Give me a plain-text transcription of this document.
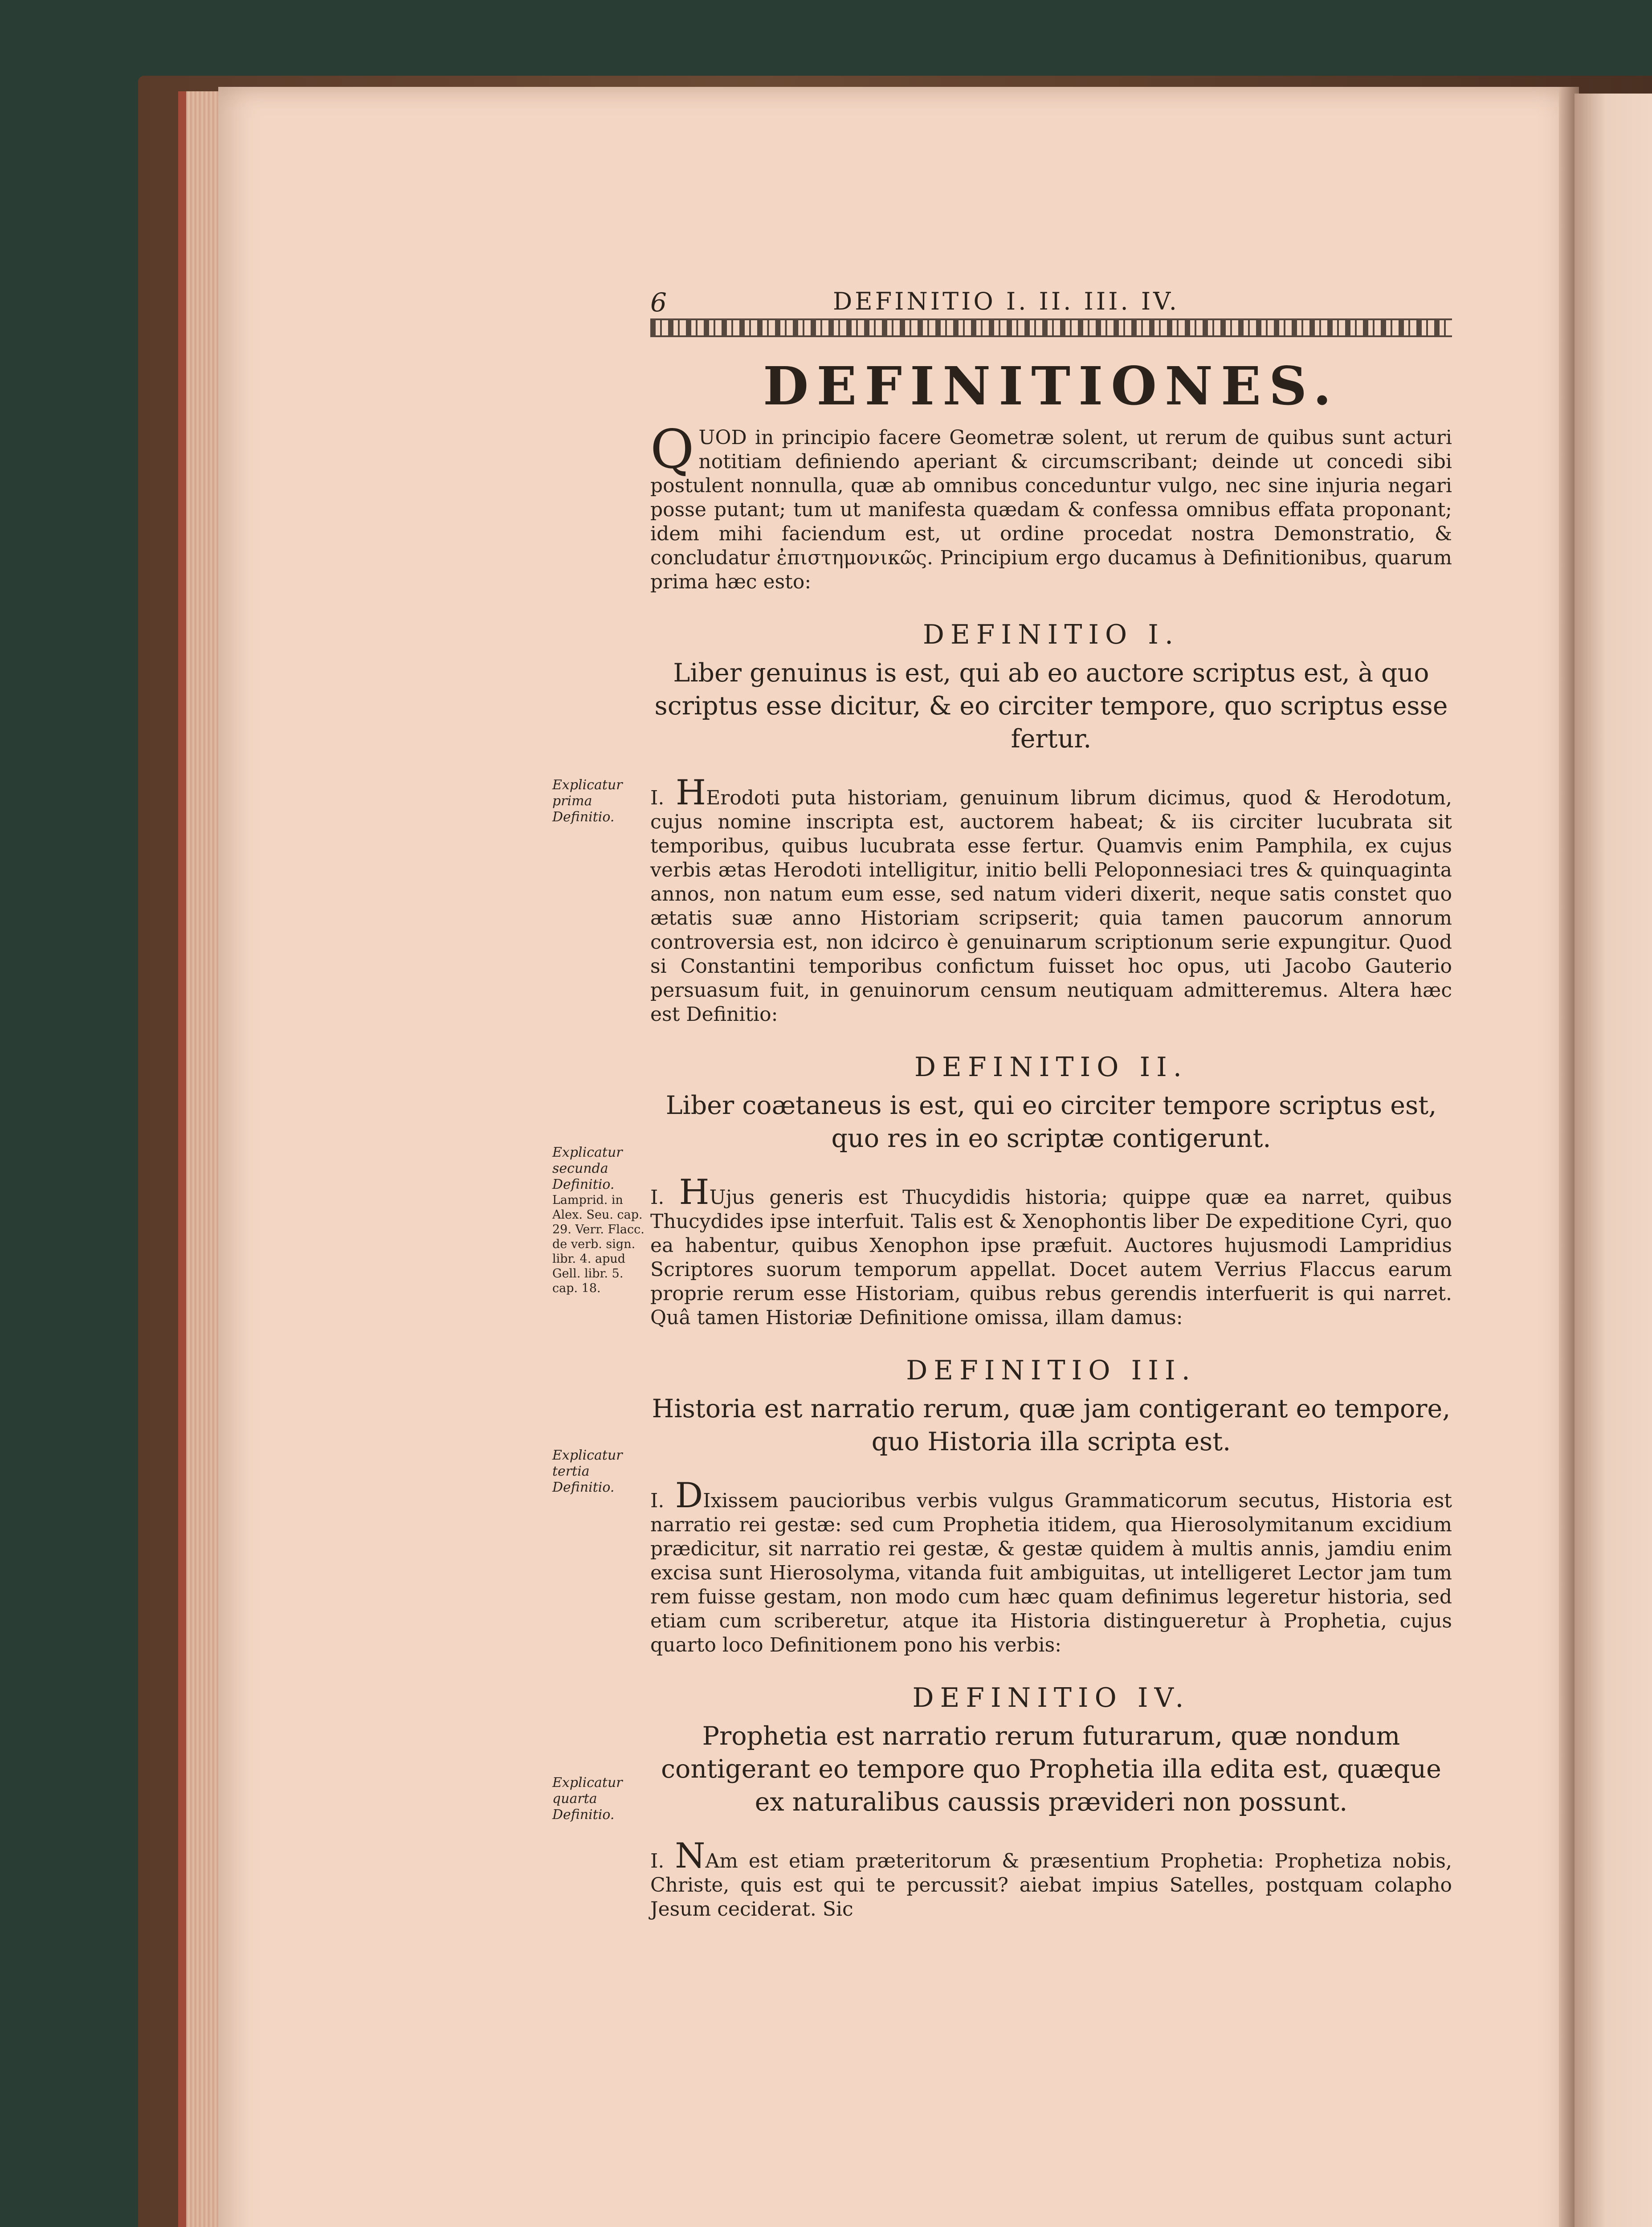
6	DEFINITIO I. II. III. IV.
DEFINITIONES.

QUOD in principio facere Geometræ solent, ut rerum de quibus sunt acturi notitiam definiendo aperiant & circumscribant; deinde ut concedi sibi postulent nonnulla, quæ ab omnibus conceduntur vulgo, nec sine injuria negari posse putant; tum ut manifesta quædam & confessa omnibus effata proponant; idem mihi faciendum est, ut ordine procedat nostra Demonstratio, & concludatur ἐπιστημονικῶς. Principium ergo ducamus à Definitionibus, quarum prima hæc esto:

DEFINITIO I.
Liber genuinus is est, qui ab eo auctore scriptus est, à quo scriptus esse dicitur, & eo circiter tempore, quo scriptus esse fertur.

I. HErodoti puta historiam, genuinum librum dicimus, quod & Herodotum, cujus nomine inscripta est, auctorem habeat; & iis circiter lucubrata sit temporibus, quibus lucubrata esse fertur. Quamvis enim Pamphila, ex cujus verbis ætas Herodoti intelligitur, initio belli Peloponnesiaci tres & quinquaginta annos, non natum eum esse, sed natum videri dixerit, neque satis constet quo ætatis suæ anno Historiam scripserit; quia tamen paucorum annorum controversia est, non idcirco è genuinarum scriptionum serie expungitur. Quod si Constantini temporibus confictum fuisset hoc opus, uti Jacobo Gauterio persuasum fuit, in genuinorum censum neutiquam admitteremus. Altera hæc est Definitio:

DEFINITIO II.
Liber coætaneus is est, qui eo circiter tempore scriptus est, quo res in eo scriptæ contigerunt.

I. HUjus generis est Thucydidis historia; quippe quæ ea narret, quibus Thucydides ipse interfuit. Talis est & Xenophontis liber De expeditione Cyri, quo ea habentur, quibus Xenophon ipse præfuit. Auctores hujusmodi Lampridius Scriptores suorum temporum appellat. Docet autem Verrius Flaccus earum proprie rerum esse Historiam, quibus rebus gerendis interfuerit is qui narret. Quâ tamen Historiæ Definitione omissa, illam damus:

DEFINITIO III.
Historia est narratio rerum, quæ jam contigerant eo tempore, quo Historia illa scripta est.

I. DIxissem paucioribus verbis vulgus Grammaticorum secutus, Historia est narratio rei gestæ: sed cum Prophetia itidem, qua Hierosolymitanum excidium prædicitur, sit narratio rei gestæ, & gestæ quidem à multis annis, jamdiu enim excisa sunt Hierosolyma, vitanda fuit ambiguitas, ut intelligeret Lector jam tum rem fuisse gestam, non modo cum hæc quam definimus legeretur historia, sed etiam cum scriberetur, atque ita Historia distingueretur à Prophetia, cujus quarto loco Definitionem pono his verbis:

DEFINITIO IV.
Prophetia est narratio rerum futurarum, quæ nondum contigerant eo tempore quo Prophetia illa edita est, quæque ex naturalibus caussis prævideri non possunt.

I. NAm est etiam præteritorum & præsentium Prophetia: Prophetiza nobis, Christe, quis est qui te percussit? aiebat impius Satelles, postquam colapho Jesum ceciderat. Sic

Explicatur prima Definitio.
Explicatur secunda Definitio.
Lamprid. in Alex. Seu. cap. 29. Verr. Flacc. de verb. sign. libr. 4. apud Gell. libr. 5. cap. 18.
Explicatur tertia Definitio.
Explicatur quarta Definitio.
